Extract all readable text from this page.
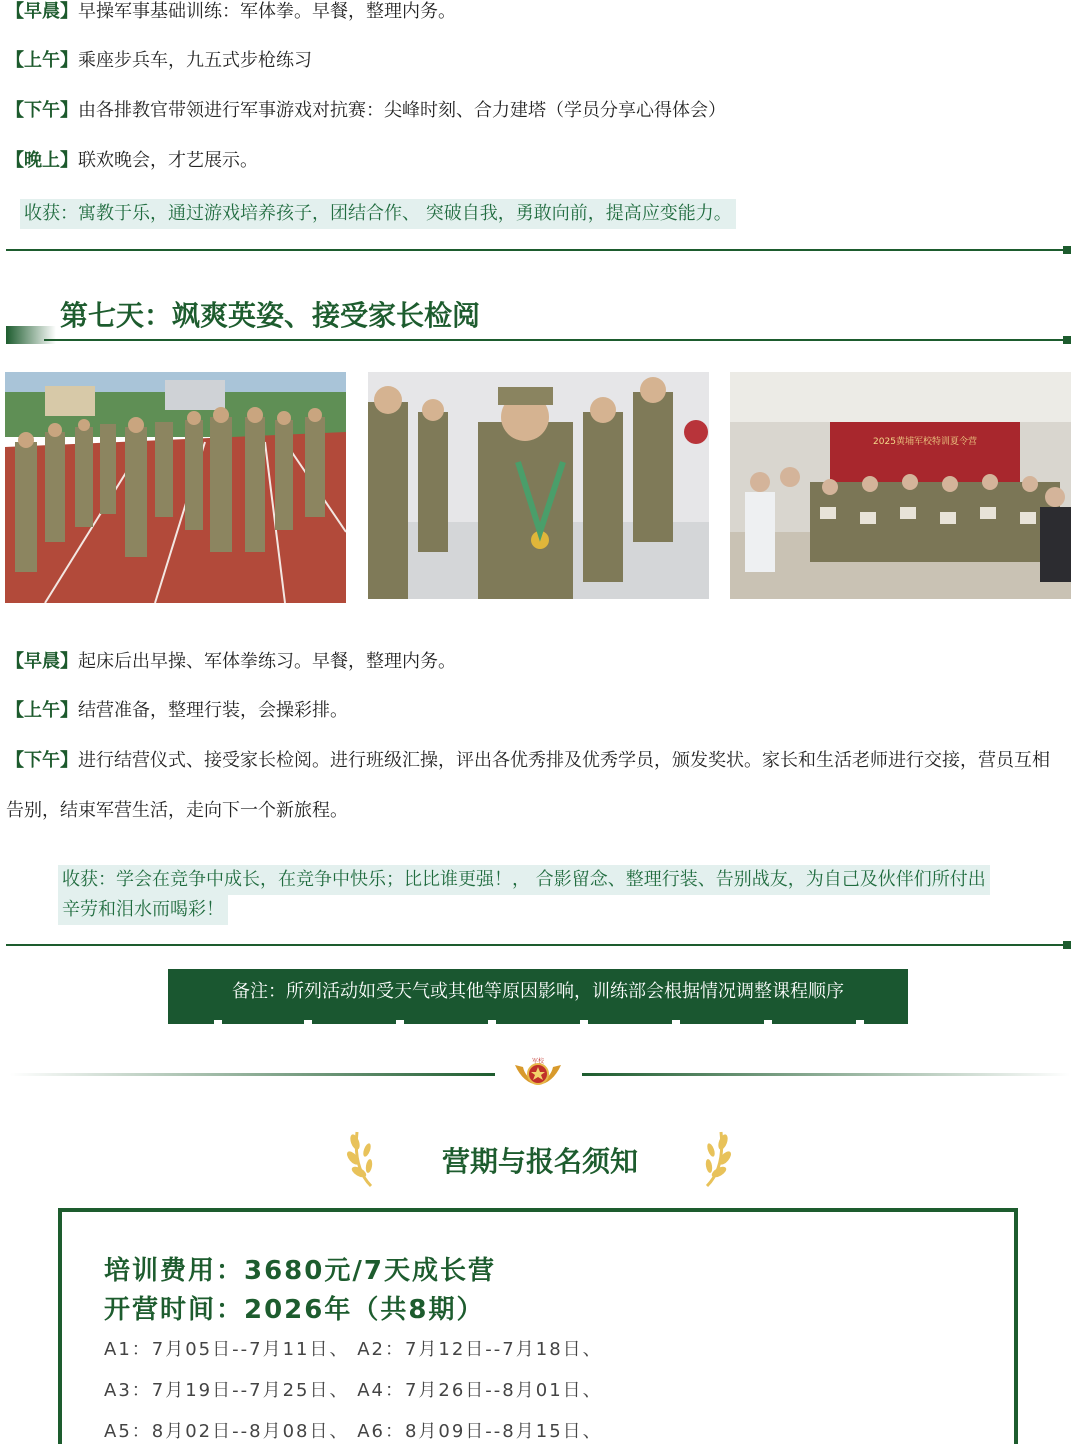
【早晨】早操军事基础训练：军体拳。早餐，整理内务。
【上午】乘座步兵车，九五式步枪练习
【下午】由各排教官带领进行军事游戏对抗赛：尖峰时刻、合力建塔（学员分享心得体会）
【晚上】联欢晚会，才艺展示。
收获：寓教于乐，通过游戏培养孩子，团结合作、 突破自我，勇敢向前，提高应变能力。
第七天：飒爽英姿、接受家长检阅
2025黄埔军校特训夏令营
【早晨】起床后出早操、军体拳练习。早餐，整理内务。
【上午】结营准备，整理行装，会操彩排。
【下午】进行结营仪式、接受家长检阅。进行班级汇操，评出各优秀排及优秀学员，颁发奖状。家长和生活老师进行交接，营员互相
告别，结束军营生活，走向下一个新旅程。
收获：学会在竞争中成长，在竞争中快乐；比比谁更强！， 合影留念、整理行装、告别战友，为自己及伙伴们所付出
辛劳和泪水而喝彩！
备注：所列活动如受天气或其他等原因影响，训练部会根据情况调整课程顺序
军校
营期与报名须知
培训费用：3680元/7天成长营
开营时间：2026年（共8期）
A1：7月05日--7月11日、 A2：7月12日--7月18日、
A3：7月19日--7月25日、 A4：7月26日--8月01日、
A5：8月02日--8月08日、 A6：8月09日--8月15日、
